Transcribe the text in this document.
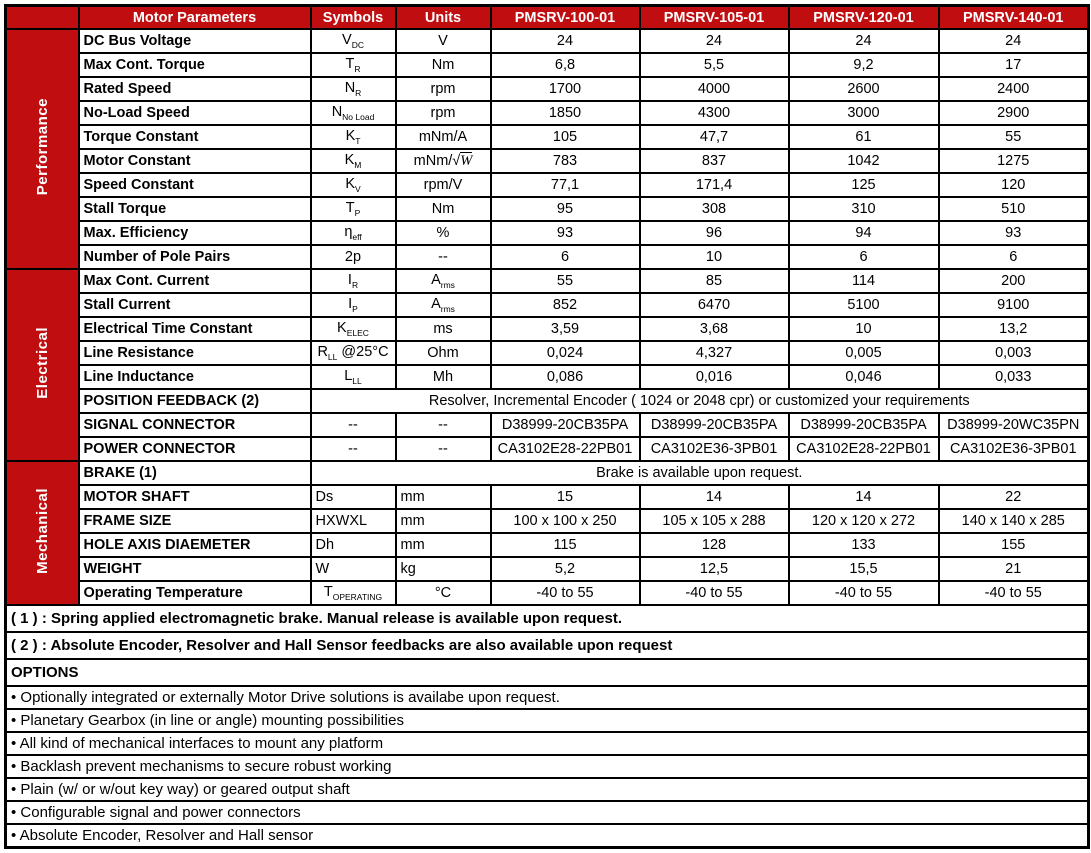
	Motor Parameters	Symbols	Units	PMSRV-100-01	PMSRV-105-01	PMSRV-120-01	PMSRV-140-01
Performance	DC Bus Voltage	$V_{DC}$	V	24	24	24	24
	Max Cont. Torque	$T_R$	Nm	6,8	5,5	9,2	17
	Rated Speed	$N_R$	rpm	1700	4000	2600	2400
	No-Load Speed	$N_{No Load}$	rpm	1850	4300	3000	2900
	Torque Constant	$K_T$	mNm/A	105	47,7	61	55
	Motor Constant	$K_M$	mNm/√W	783	837	1042	1275
	Speed Constant	$K_V$	rpm/V	77,1	171,4	125	120
	Stall Torque	$T_P$	Nm	95	308	310	510
	Max. Efficiency	$\eta_{eff}$	%	93	96	94	93
	Number of Pole Pairs	2p	--	6	10	6	6
Electrical	Max Cont. Current	$I_R$	$A_{rms}$	55	85	114	200
	Stall Current	$I_P$	$A_{rms}$	852	6470	5100	9100
	Electrical Time Constant	$K_{ELEC}$	ms	3,59	3,68	10	13,2
	Line Resistance	$R_{LL}$ @25°C	Ohm	0,024	4,327	0,005	0,003
	Line Inductance	$L_{LL}$	Mh	0,086	0,016	0,046	0,033
	POSITION FEEDBACK (2)	Resolver, Incremental Encoder ( 1024 or 2048 cpr) or customized your requirements					
	SIGNAL CONNECTOR	--	--	D38999-20CB35PA	D38999-20CB35PA	D38999-20CB35PA	D38999-20WC35PN
	POWER CONNECTOR	--	--	CA3102E28-22PB01	CA3102E36-3PB01	CA3102E28-22PB01	CA3102E36-3PB01
Mechanical	BRAKE (1)	Brake is available upon request.					
	MOTOR SHAFT	Ds	mm	15	14	14	22
	FRAME SIZE	HXWXL	mm	100 x 100 x 250	105 x 105 x 288	120 x 120 x 272	140 x 140 x 285
	HOLE AXIS DIAEMETER	Dh	mm	115	128	133	155
	WEIGHT	W	kg	5,2	12,5	15,5	21
	Operating Temperature	$T_{OPERATING}$	°C	-40 to 55	-40 to 55	-40 to 55	-40 to 55
( 1 ) : Spring applied electromagnetic brake. Manual release is available upon request.							
( 2 ) : Absolute Encoder, Resolver and Hall Sensor feedbacks are also available upon request							
OPTIONS							
• Optionally integrated or externally Motor Drive solutions is availabe upon request.							
• Planetary Gearbox (in line or angle) mounting possibilities							
• All kind of mechanical interfaces to mount any platform							
• Backlash prevent mechanisms to secure robust working							
• Plain (w/ or w/out key way) or geared output shaft							
• Configurable signal and power connectors							
• Absolute Encoder, Resolver and Hall sensor							
